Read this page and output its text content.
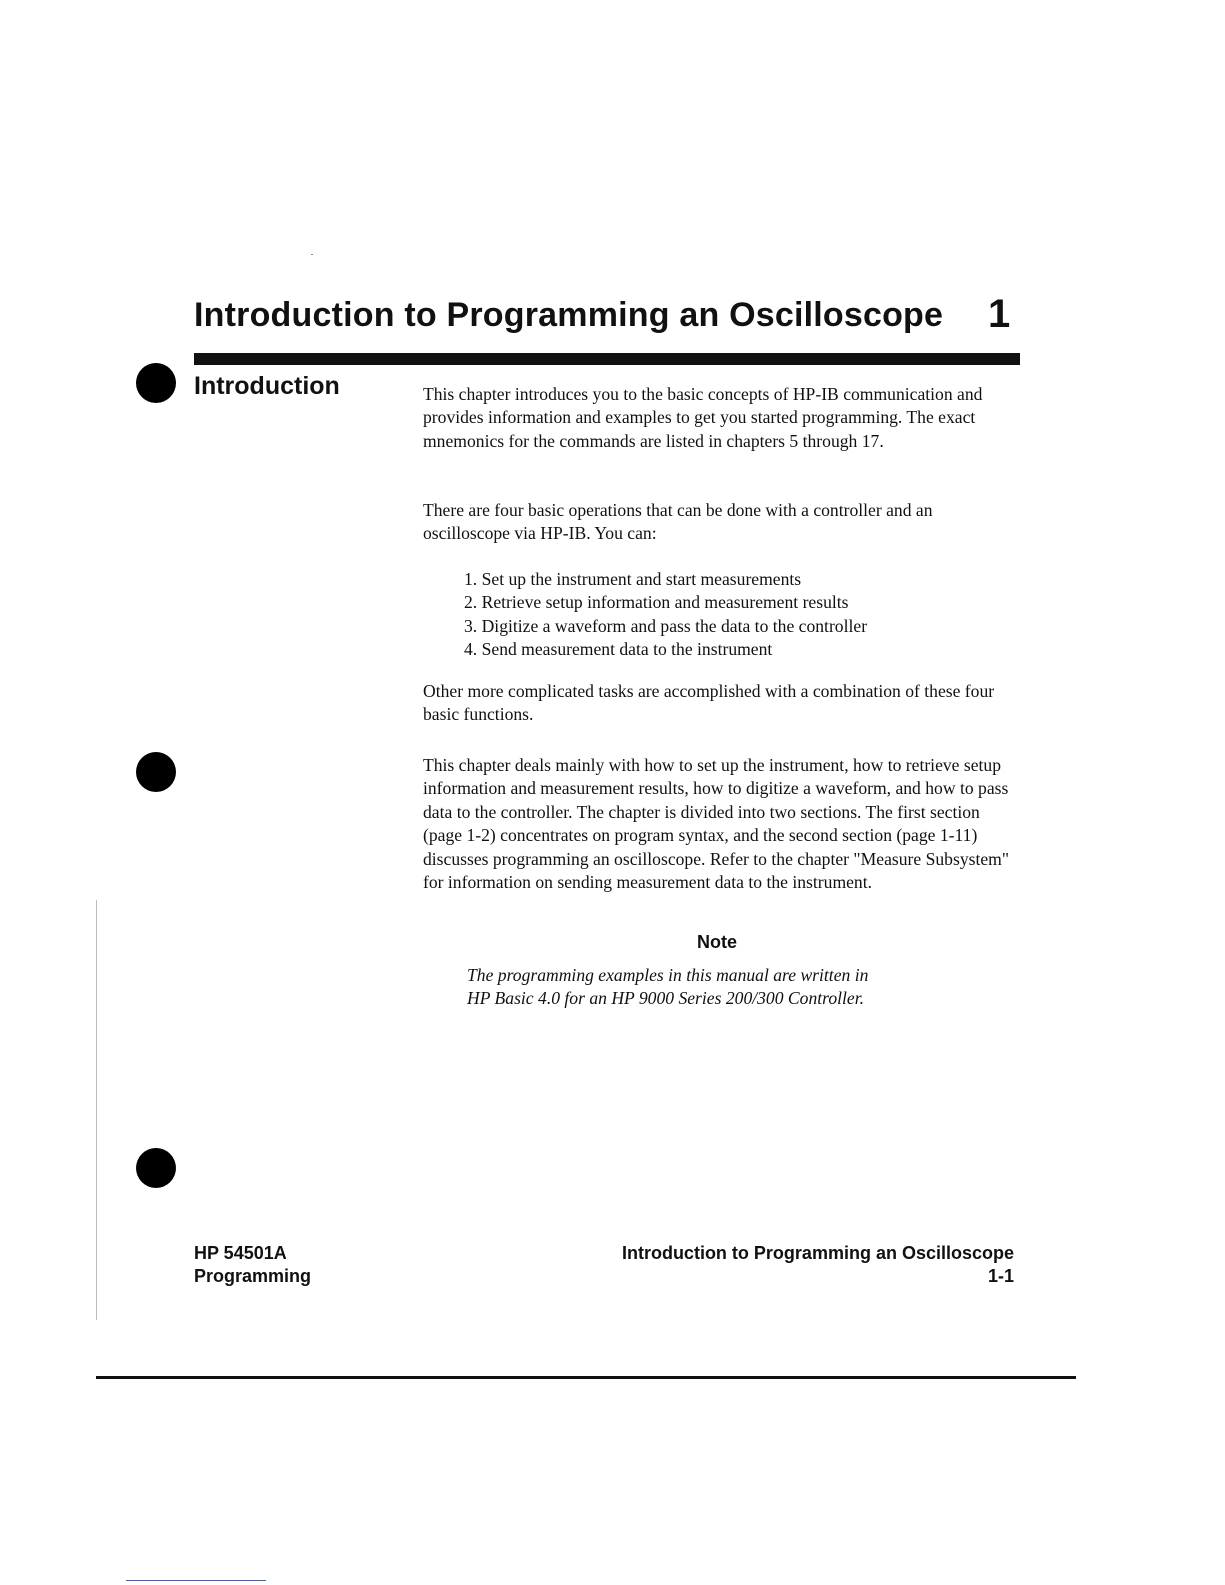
Introduction to Programming an Oscilloscope 1
Introduction	This chapter introduces you to the basic concepts of HP-IB communication and provides information and examples to get you started programming. The exact mnemonics for the commands are listed in chapters 5 through 17.

There are four basic operations that can be done with a controller and an oscilloscope via HP-IB. You can:

1. Set up the instrument and start measurements
2. Retrieve setup information and measurement results
3. Digitize a waveform and pass the data to the controller
4. Send measurement data to the instrument

Other more complicated tasks are accomplished with a combination of these four basic functions.

This chapter deals mainly with how to set up the instrument, how to retrieve setup information and measurement results, how to digitize a waveform, and how to pass data to the controller. The chapter is divided into two sections. The first section (page 1-2) concentrates on program syntax, and the second section (page 1-11) discusses programming an oscilloscope. Refer to the chapter "Measure Subsystem" for information on sending measurement data to the instrument.

Note

The programming examples in this manual are written in
HP Basic 4.0 for an HP 9000 Series 200/300 Controller.

HP 54501A
Programming
Introduction to Programming an Oscilloscope
1-1
